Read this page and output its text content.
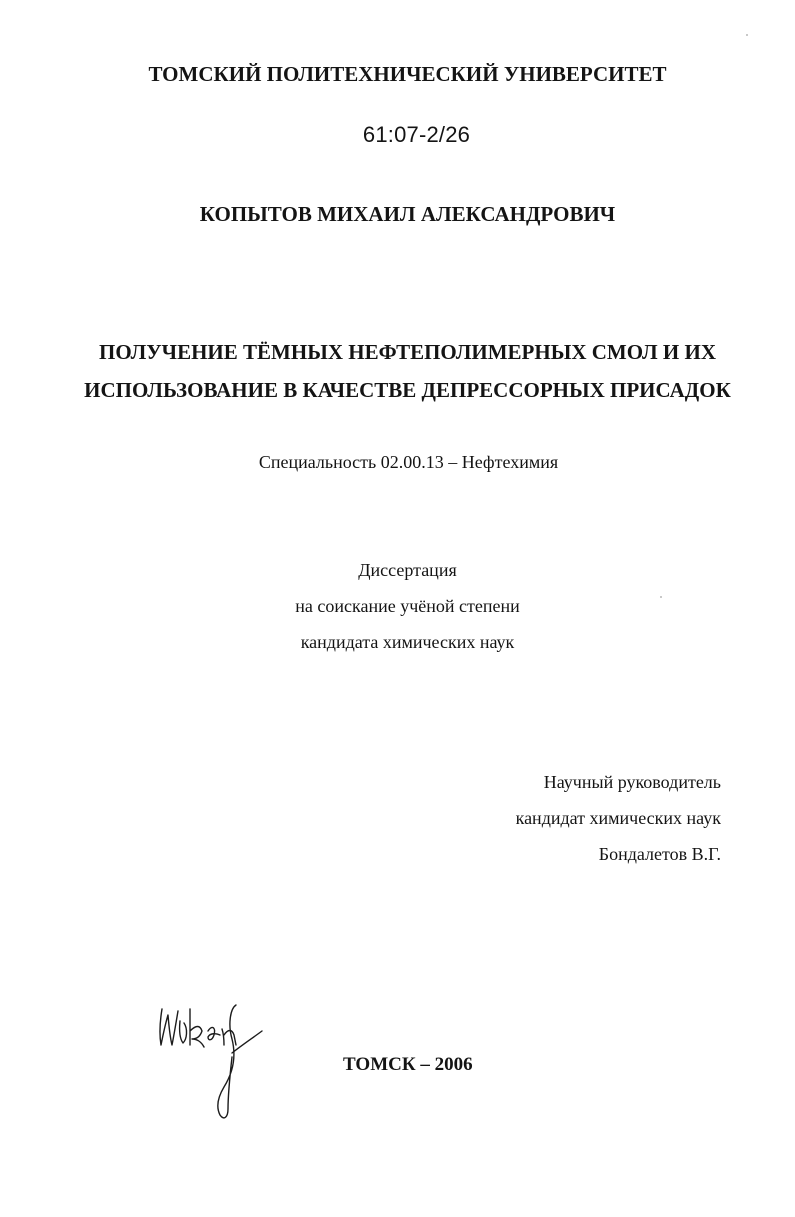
ТОМСКИЙ ПОЛИТЕХНИЧЕСКИЙ УНИВЕРСИТЕТ
61:07-2/26
КОПЫТОВ МИХАИЛ АЛЕКСАНДРОВИЧ
ПОЛУЧЕНИЕ ТЁМНЫХ НЕФТЕПОЛИМЕРНЫХ СМОЛ И ИХ
ИСПОЛЬЗОВАНИЕ В КАЧЕСТВЕ ДЕПРЕССОРНЫХ ПРИСАДОК
Специальность 02.00.13 – Нефтехимия
Диссертация
на соискание учёной степени
кандидата химических наук
Научный руководитель
кандидат химических наук
Бондалетов В.Г.
ТОМСК – 2006
